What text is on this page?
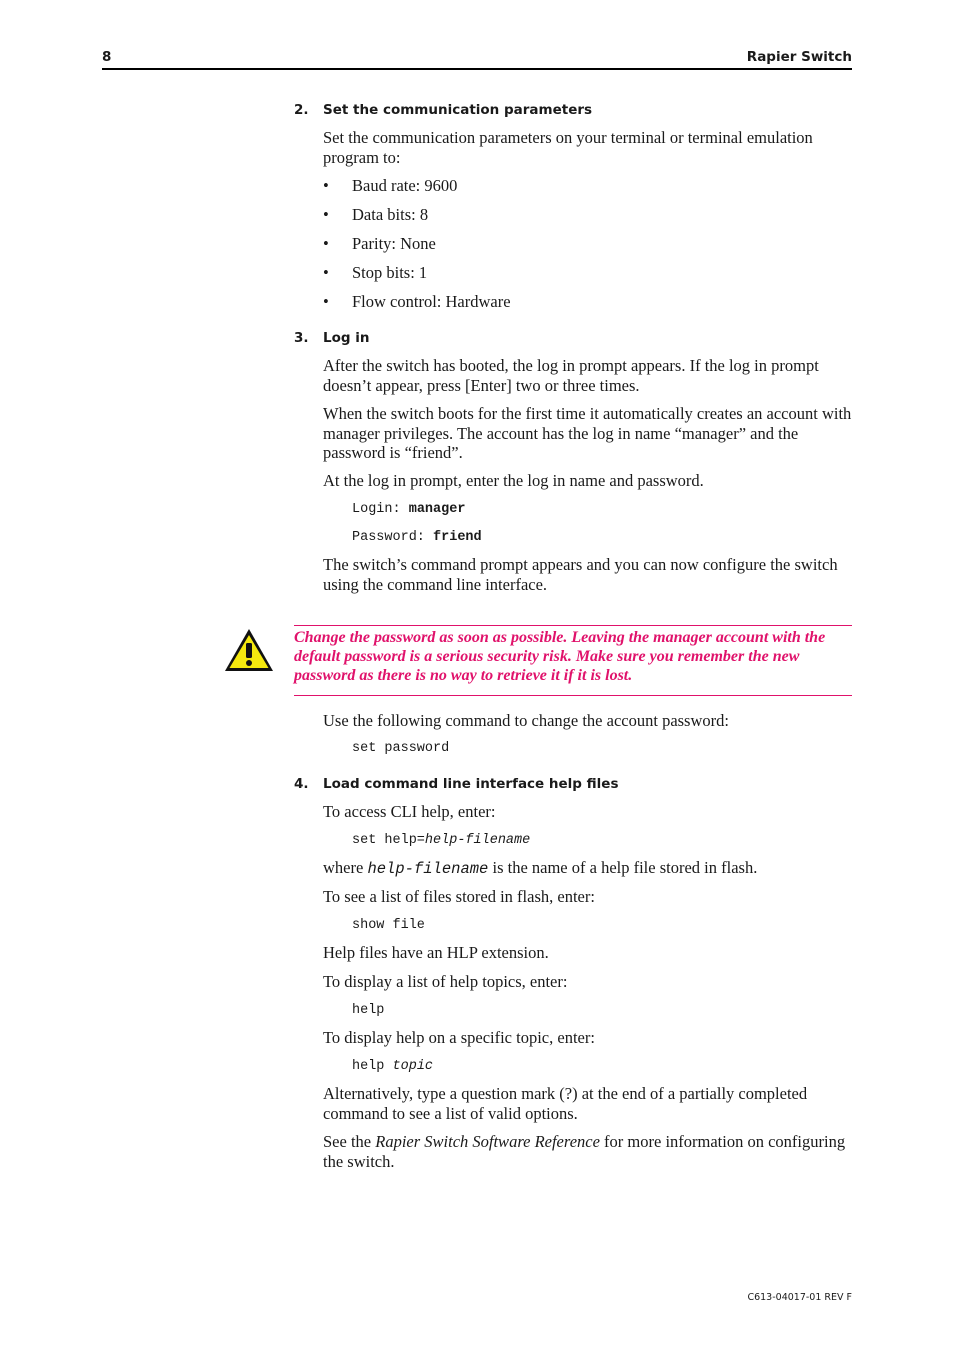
8	Rapier Switch
2. Set the communication parameters
Set the communication parameters on your terminal or terminal emulation program to:
• Baud rate: 9600
• Data bits: 8
• Parity: None
• Stop bits: 1
• Flow control: Hardware
3. Log in
After the switch has booted, the log in prompt appears. If the log in prompt doesn’t appear, press [Enter] two or three times.
When the switch boots for the first time it automatically creates an account with manager privileges. The account has the log in name “manager” and the password is “friend”.
At the log in prompt, enter the log in name and password.
Login: manager
Password: friend
The switch’s command prompt appears and you can now configure the switch using the command line interface.
Change the password as soon as possible. Leaving the manager account with the default password is a serious security risk. Make sure you remember the new password as there is no way to retrieve it if it is lost.
Use the following command to change the account password:
set password
4. Load command line interface help files
To access CLI help, enter:
set help=help-filename
where help-filename is the name of a help file stored in flash.
To see a list of files stored in flash, enter:
show file
Help files have an HLP extension.
To display a list of help topics, enter:
help
To display help on a specific topic, enter:
help topic
Alternatively, type a question mark (?) at the end of a partially completed command to see a list of valid options.
See the Rapier Switch Software Reference for more information on configuring the switch.
C613-04017-01 REV F
